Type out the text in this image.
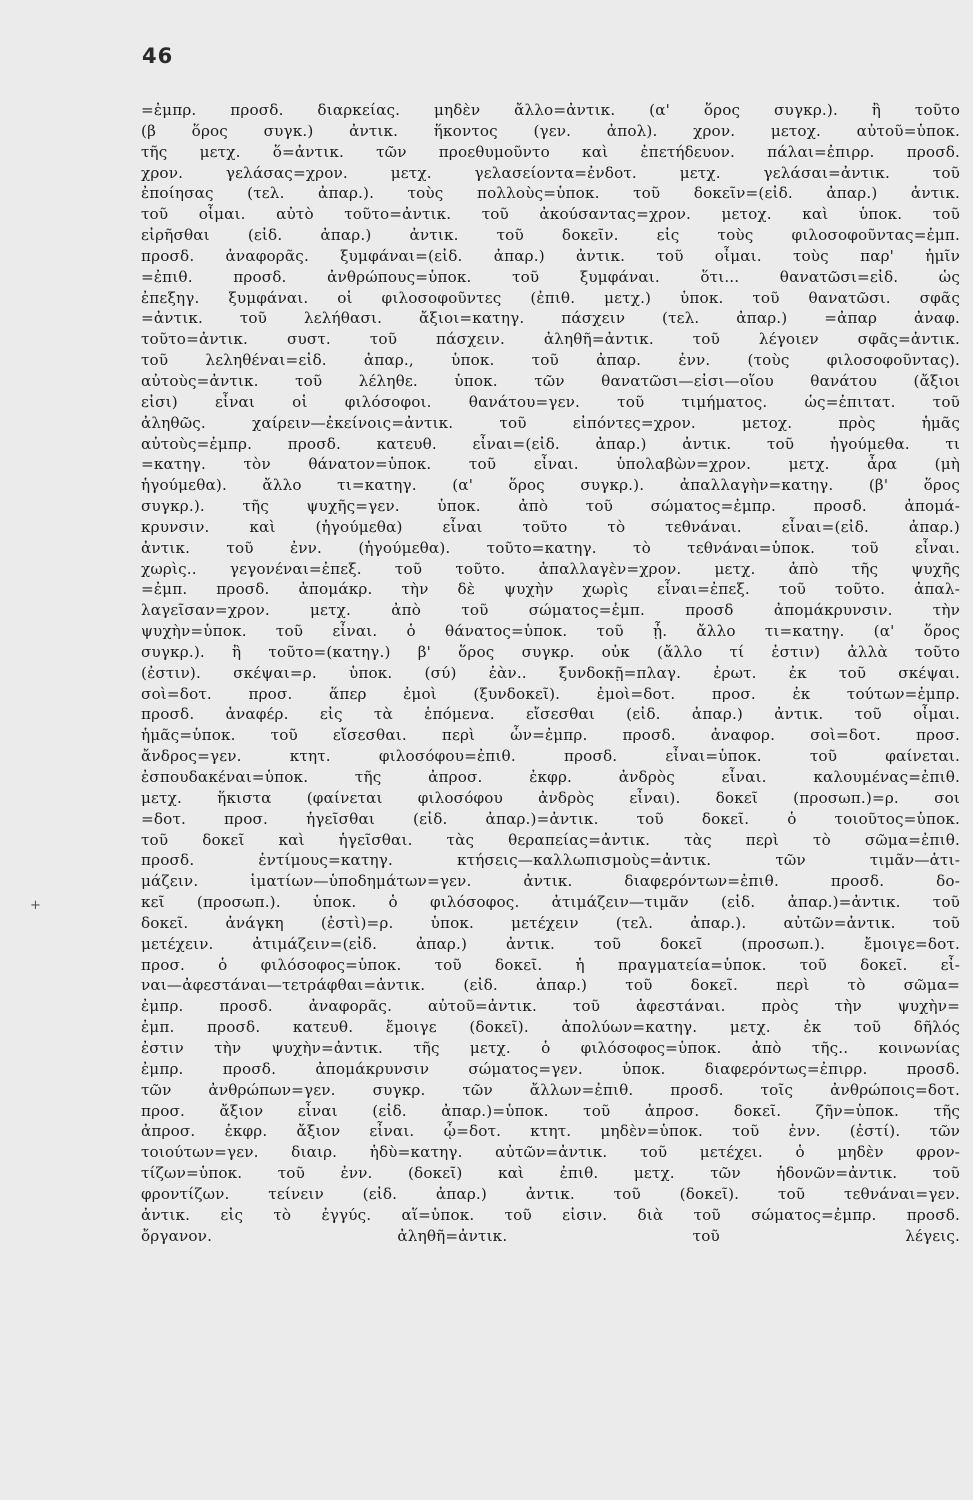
46
=ἐμπρ. προσδ. διαρκείας. μηδὲν ἄλλο=ἀντικ. (α' ὅρος συγκρ.). ἢ τοῦτο
(β ὅρος συγκ.) ἀντικ. ἥκοντος (γεν. ἀπολ). χρον. μετοχ. αὐτοῦ=ὑποκ.
τῆς μετχ. ὅ=ἀντικ. τῶν προεθυμοῦντο καὶ ἐπετήδευον. πάλαι=ἐπιρρ. προσδ.
χρον. γελάσας=χρον. μετχ. γελασείοντα=ἐνδοτ. μετχ. γελάσαι=ἀντικ. τοῦ
ἐποίησας (τελ. ἀπαρ.). τοὺς πολλοὺς=ὑποκ. τοῦ δοκεῖν=(εἰδ. ἀπαρ.) ἀντικ.
τοῦ οἶμαι. αὐτὸ τοῦτο=ἀντικ. τοῦ ἀκούσαντας=χρον. μετοχ. καὶ ὑποκ. τοῦ
εἰρῆσθαι (εἰδ. ἀπαρ.) ἀντικ. τοῦ δοκεῖν. εἰς τοὺς φιλοσοφοῦντας=ἐμπ.
προσδ. ἀναφορᾶς. ξυμφάναι=(εἰδ. ἀπαρ.) ἀντικ. τοῦ οἶμαι. τοὺς παρ' ἡμῖν
=ἐπιθ. προσδ. ἀνθρώπους=ὑποκ. τοῦ ξυμφάναι. ὅτι... θανατῶσι=εἰδ. ὡς
ἐπεξηγ. ξυμφάναι. οἱ φιλοσοφοῦντες (ἐπιθ. μετχ.) ὑποκ. τοῦ θανατῶσι. σφᾶς
=ἀντικ. τοῦ λελήθασι. ἄξιοι=κατηγ. πάσχειν (τελ. ἀπαρ.) =ἀπαρ ἀναφ.
τοῦτο=ἀντικ. συστ. τοῦ πάσχειν. ἀληθῆ=ἀντικ. τοῦ λέγοιεν σφᾶς=ἀντικ.
τοῦ λεληθέναι=εἰδ. ἀπαρ., ὑποκ. τοῦ ἀπαρ. ἐνν. (τοὺς φιλοσοφοῦντας).
αὐτοὺς=ἀντικ. τοῦ λέληθε. ὑποκ. τῶν θανατῶσι—εἰσι—οἵου θανάτου (ἄξιοι
εἰσι) εἶναι οἱ φιλόσοφοι. θανάτου=γεν. τοῦ τιμήματος. ὡς=ἐπιτατ. τοῦ
ἀληθῶς. χαίρειν—ἐκείνοις=ἀντικ. τοῦ εἰπόντες=χρον. μετοχ. πρὸς ἡμᾶς
αὐτοὺς=ἐμπρ. προσδ. κατευθ. εἶναι=(εἰδ. ἀπαρ.) ἀντικ. τοῦ ἡγούμεθα. τι
=κατηγ. τὸν θάνατον=ὑποκ. τοῦ εἶναι. ὑπολαβὼν=χρον. μετχ. ἆρα (μὴ
ἡγούμεθα). ἄλλο τι=κατηγ. (α' ὅρος συγκρ.). ἀπαλλαγὴν=κατηγ. (β' ὅρος
συγκρ.). τῆς ψυχῆς=γεν. ὑποκ. ἀπὸ τοῦ σώματος=ἐμπρ. προσδ. ἀπομά-
κρυνσιν. καὶ (ἡγούμεθα) εἶναι τοῦτο τὸ τεθνάναι. εἶναι=(εἰδ. ἀπαρ.)
ἀντικ. τοῦ ἐνν. (ἡγούμεθα). τοῦτο=κατηγ. τὸ τεθνάναι=ὑποκ. τοῦ εἶναι.
χωρὶς.. γεγονέναι=ἐπεξ. τοῦ τοῦτο. ἀπαλλαγὲν=χρον. μετχ. ἀπὸ τῆς ψυχῆς
=ἐμπ. προσδ. ἀπομάκρ. τὴν δὲ ψυχὴν χωρὶς εἶναι=ἐπεξ. τοῦ τοῦτο. ἀπαλ-
λαγεῖσαν=χρον. μετχ. ἀπὸ τοῦ σώματος=ἐμπ. προσδ ἀπομάκρυνσιν. τὴν
ψυχὴν=ὑποκ. τοῦ εἶναι. ὁ θάνατος=ὑποκ. τοῦ ᾖ. ἄλλο τι=κατηγ. (α' ὅρος
συγκρ.). ἢ τοῦτο=(κατηγ.) β' ὅρος συγκρ. οὐκ (ἄλλο τί ἐστιν) ἀλλὰ τοῦτο
(ἐστιν). σκέψαι=ρ. ὑποκ. (σύ) ἐὰν.. ξυνδοκῇ=πλαγ. ἐρωτ. ἐκ τοῦ σκέψαι.
σοὶ=δοτ. προσ. ἅπερ ἐμοὶ (ξυνδοκεῖ). ἐμοὶ=δοτ. προσ. ἐκ τούτων=ἐμπρ.
προσδ. ἀναφέρ. εἰς τὰ ἑπόμενα. εἴσεσθαι (εἰδ. ἀπαρ.) ἀντικ. τοῦ οἶμαι.
ἡμᾶς=ὑποκ. τοῦ εἴσεσθαι. περὶ ὧν=ἐμπρ. προσδ. ἀναφορ. σοὶ=δοτ. προσ.
ἄνδρος=γεν. κτητ. φιλοσόφου=ἐπιθ. προσδ. εἶναι=ὑποκ. τοῦ φαίνεται.
ἐσπουδακέναι=ὑποκ. τῆς ἀπροσ. ἐκφρ. ἀνδρὸς εἶναι. καλουμένας=ἐπιθ.
μετχ. ἥκιστα (φαίνεται φιλοσόφου ἀνδρὸς εἶναι). δοκεῖ (προσωπ.)=ρ. σοι
=δοτ. προσ. ἡγεῖσθαι (εἰδ. ἀπαρ.)=ἀντικ. τοῦ δοκεῖ. ὁ τοιοῦτος=ὑποκ.
τοῦ δοκεῖ καὶ ἡγεῖσθαι. τὰς θεραπείας=ἀντικ. τὰς περὶ τὸ σῶμα=ἐπιθ.
προσδ. ἐντίμους=κατηγ. κτήσεις—καλλωπισμοὺς=ἀντικ. τῶν τιμᾶν—ἀτι-
μάζειν. ἱματίων—ὑποδημάτων=γεν. ἀντικ. διαφερόντων=ἐπιθ. προσδ. δο-
κεῖ (προσωπ.). ὑποκ. ὁ φιλόσοφος. ἀτιμάζειν—τιμᾶν (εἰδ. ἀπαρ.)=ἀντικ. τοῦ
δοκεῖ. ἀνάγκη (ἐστὶ)=ρ. ὑποκ. μετέχειν (τελ. ἀπαρ.). αὐτῶν=ἀντικ. τοῦ
μετέχειν. ἀτιμάζειν=(εἰδ. ἀπαρ.) ἀντικ. τοῦ δοκεῖ (προσωπ.). ἔμοιγε=δοτ.
προσ. ὁ φιλόσοφος=ὑποκ. τοῦ δοκεῖ. ἡ πραγματεία=ὑποκ. τοῦ δοκεῖ. εἶ-
ναι—ἀφεστάναι—τετράφθαι=ἀντικ. (εἰδ. ἀπαρ.) τοῦ δοκεῖ. περὶ τὸ σῶμα=
ἐμπρ. προσδ. ἀναφορᾶς. αὐτοῦ=ἀντικ. τοῦ ἀφεστάναι. πρὸς τὴν ψυχὴν=
ἐμπ. προσδ. κατευθ. ἔμοιγε (δοκεῖ). ἀπολύων=κατηγ. μετχ. ἐκ τοῦ δῆλός
ἐστιν τὴν ψυχὴν=ἀντικ. τῆς μετχ. ὁ φιλόσοφος=ὑποκ. ἀπὸ τῆς.. κοινωνίας
ἐμπρ. προσδ. ἀπομάκρυνσιν σώματος=γεν. ὑποκ. διαφερόντως=ἐπιρρ. προσδ.
τῶν ἀνθρώπων=γεν. συγκρ. τῶν ἄλλων=ἐπιθ. προσδ. τοῖς ἀνθρώποις=δοτ.
προσ. ἄξιον εἶναι (εἰδ. ἀπαρ.)=ὑποκ. τοῦ ἀπροσ. δοκεῖ. ζῆν=ὑποκ. τῆς
ἀπροσ. ἐκφρ. ἄξιον εἶναι. ᾧ=δοτ. κτητ. μηδὲν=ὑποκ. τοῦ ἐνν. (ἐστί). τῶν
τοιούτων=γεν. διαιρ. ἡδὺ=κατηγ. αὐτῶν=ἀντικ. τοῦ μετέχει. ὁ μηδὲν φρον-
τίζων=ὑποκ. τοῦ ἐνν. (δοκεῖ) καὶ ἐπιθ. μετχ. τῶν ἡδονῶν=ἀντικ. τοῦ
φροντίζων. τείνειν (εἰδ. ἀπαρ.) ἀντικ. τοῦ (δοκεῖ). τοῦ τεθνάναι=γεν.
ἀντικ. εἰς τὸ ἐγγύς. αἵ=ὑποκ. τοῦ εἰσιν. διὰ τοῦ σώματος=ἐμπρ. προσδ.
ὄργανον. ἀληθῆ=ἀντικ. τοῦ λέγεις.
+
